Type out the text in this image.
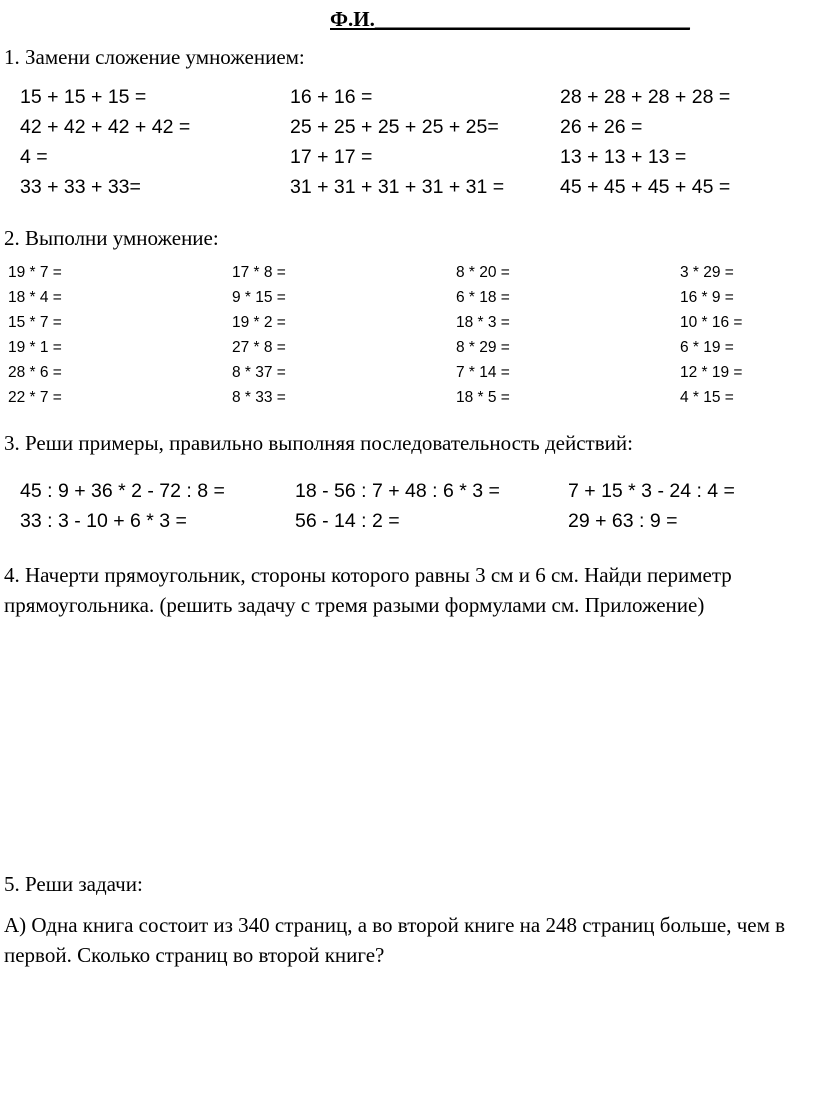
Ф.И.______________________________
1. Замени сложение умножением:
15 + 15 + 15 =	16 + 16 =	28 + 28 + 28 + 28 =
42 + 42 + 42 + 42 =	25 + 25 + 25 + 25 + 25=	26 + 26 =
4 =	17 + 17 =	13 + 13 + 13 =
33 + 33 + 33=	31 + 31 + 31 + 31 + 31 =	45 + 45 + 45 + 45 =
2. Выполни умножение:
19 * 7 =	17 * 8 =	8 * 20 =	3 * 29 =
18 * 4 =	9 * 15 =	6 * 18 =	16 * 9 =
15 * 7 =	19 * 2 =	18 * 3 =	10 * 16 =
19 * 1 =	27 * 8 =	8 * 29 =	6 * 19 =
28 * 6 =	8 * 37 =	7 * 14 =	12 * 19 =
22 * 7 =	8 * 33 =	18 * 5 =	4 * 15 =
3. Реши примеры, правильно выполняя последовательность действий:
45 : 9 + 36 * 2 - 72 : 8 =	18 - 56 : 7 + 48 : 6 * 3 =	7 + 15 * 3 - 24 : 4 =
33 : 3 - 10 + 6 * 3 =	56 - 14 : 2 =	29 + 63 : 9 =
4. Начерти прямоугольник, стороны которого равны 3 см и 6 см. Найди периметр прямоугольника. (решить задачу с тремя разыми формулами см. Приложение)
5. Реши задачи:
А) Одна книга состоит из 340 страниц, а во второй книге на 248 страниц больше, чем в первой. Сколько страниц во второй книге?
